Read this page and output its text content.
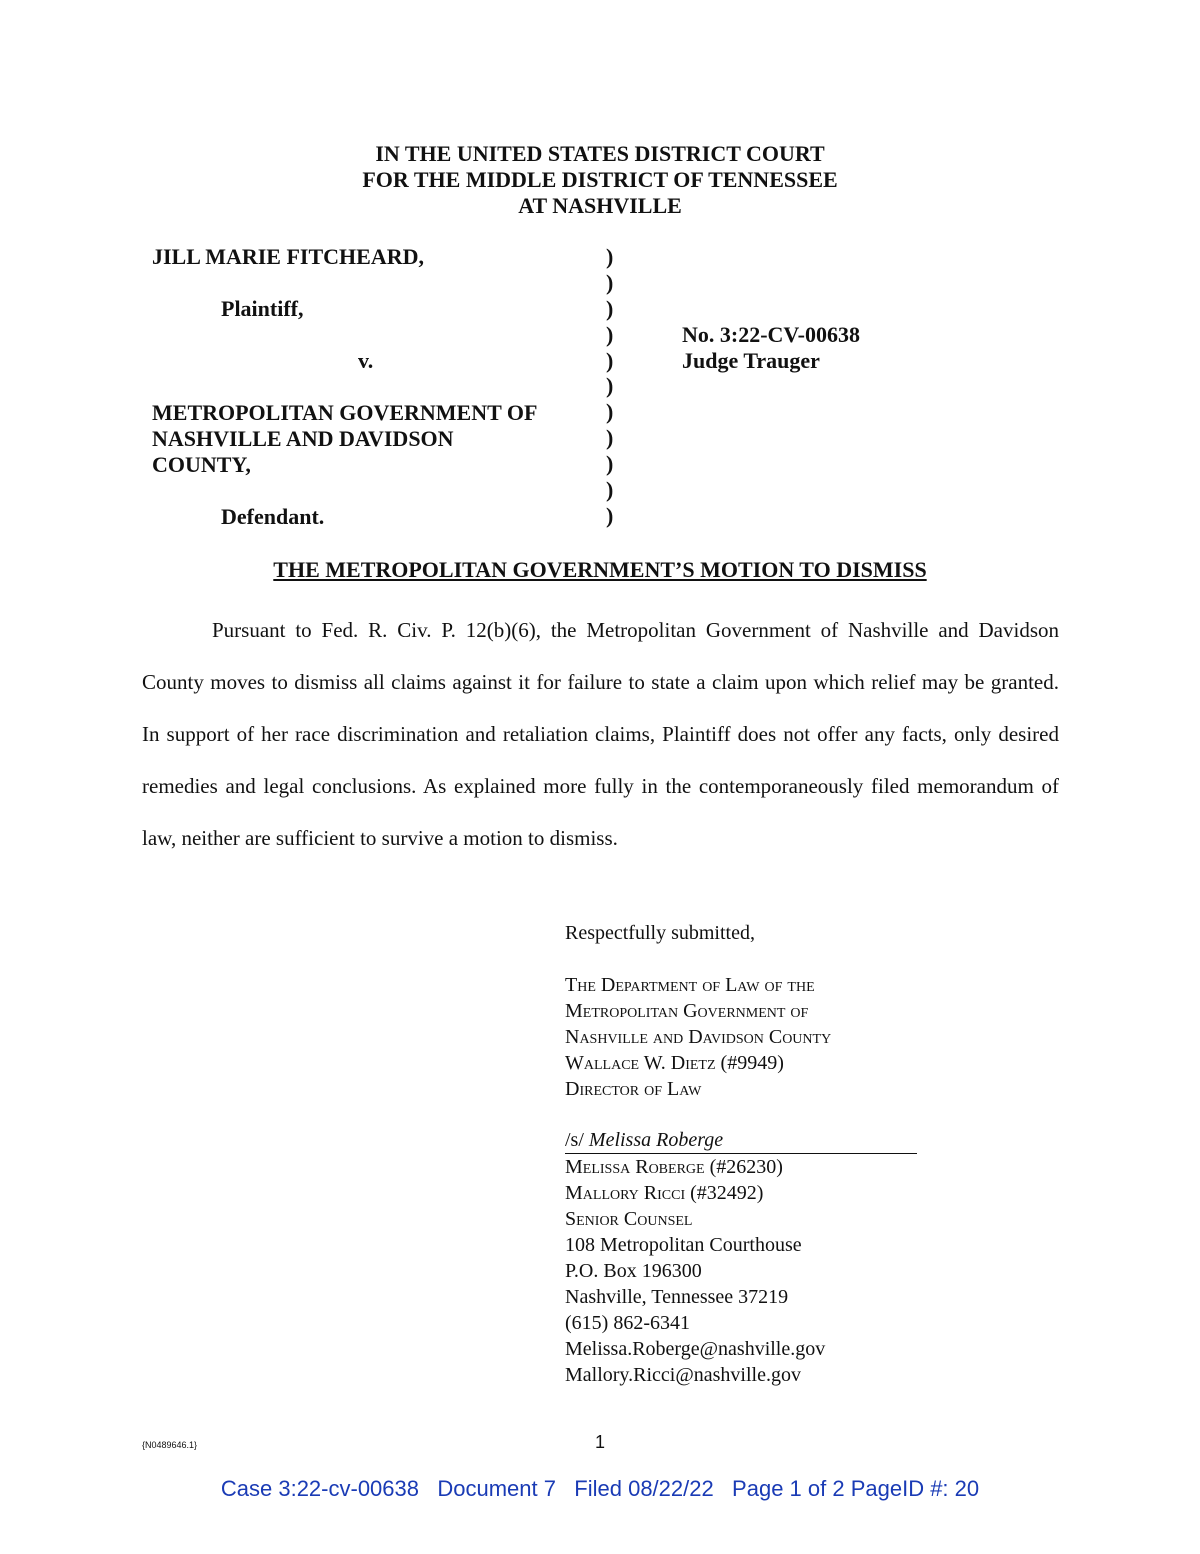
IN THE UNITED STATES DISTRICT COURT
FOR THE MIDDLE DISTRICT OF TENNESSEE
AT NASHVILLE
JILL MARIE FITCHEARD,
Plaintiff,
v.
METROPOLITAN GOVERNMENT OF
NASHVILLE AND DAVIDSON
COUNTY,
Defendant.
)
)
)
)
)
)
)
)
)
)
)
No. 3:22-CV-00638
Judge Trauger
THE METROPOLITAN GOVERNMENT’S MOTION TO DISMISS

Pursuant to Fed. R. Civ. P. 12(b)(6), the Metropolitan Government of Nashville and Davidson County moves to dismiss all claims against it for failure to state a claim upon which relief may be granted. In support of her race discrimination and retaliation claims, Plaintiff does not offer any facts, only desired remedies and legal conclusions. As explained more fully in the contemporaneously filed memorandum of law, neither are sufficient to survive a motion to dismiss.

Respectfully submitted,
The Department of Law of the
Metropolitan Government of
Nashville and Davidson County
Wallace W. Dietz (#9949)
Director of Law
/s/ Melissa Roberge
Melissa Roberge (#26230)
Mallory Ricci (#32492)
Senior Counsel
108 Metropolitan Courthouse
P.O. Box 196300
Nashville, Tennessee 37219
(615) 862-6341
Melissa.Roberge@nashville.gov
Mallory.Ricci@nashville.gov
{N0489646.1}	1
Case 3:22-cv-00638   Document 7   Filed 08/22/22   Page 1 of 2 PageID #: 20
